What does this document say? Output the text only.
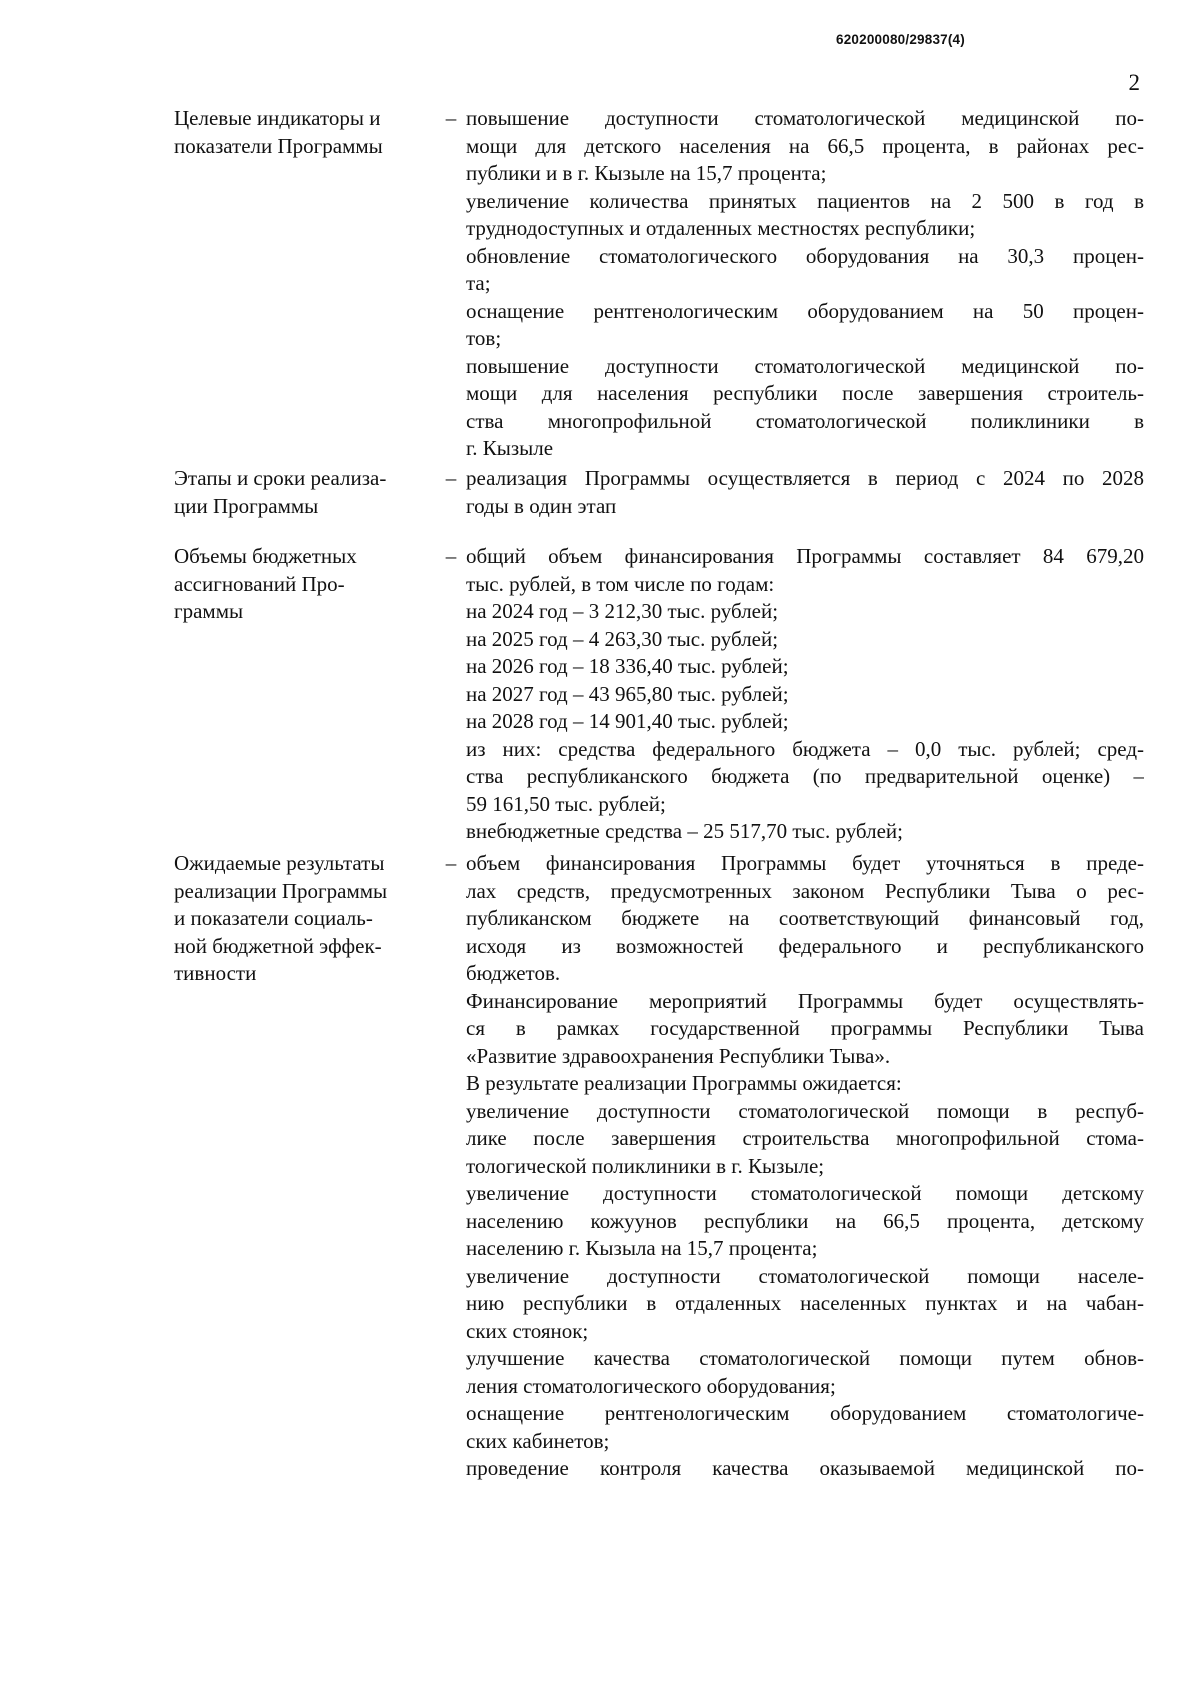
620200080/29837(4)
2
Целевые индикаторы и
показатели Программы
– повышение доступности стоматологической медицинской по-
мощи для детского населения на 66,5 процента, в районах рес-
публики и в г. Кызыле на 15,7 процента;
увеличение количества принятых пациентов на 2 500 в год в
труднодоступных и отдаленных местностях республики;
обновление стоматологического оборудования на 30,3 процен-
та;
оснащение рентгенологическим оборудованием на 50 процен-
тов;
повышение доступности стоматологической медицинской по-
мощи для населения республики после завершения строитель-
ства многопрофильной стоматологической поликлиники в
г. Кызыле
Этапы и сроки реализа-
ции Программы
– реализация Программы осуществляется в период с 2024 по 2028
годы в один этап
Объемы бюджетных
ассигнований Про-
граммы
– общий объем финансирования Программы составляет 84 679,20
тыс. рублей, в том числе по годам:
на 2024 год – 3 212,30 тыс. рублей;
на 2025 год – 4 263,30 тыс. рублей;
на 2026 год – 18 336,40 тыс. рублей;
на 2027 год – 43 965,80 тыс. рублей;
на 2028 год – 14 901,40 тыс. рублей;
из них: средства федерального бюджета – 0,0 тыс. рублей; сред-
ства республиканского бюджета (по предварительной оценке) –
59 161,50 тыс. рублей;
внебюджетные средства – 25 517,70 тыс. рублей;
Ожидаемые результаты
реализации Программы
и показатели социаль-
ной бюджетной эффек-
тивности
– объем финансирования Программы будет уточняться в преде-
лах средств, предусмотренных законом Республики Тыва о рес-
публиканском бюджете на соответствующий финансовый год,
исходя из возможностей федерального и республиканского
бюджетов.
Финансирование мероприятий Программы будет осуществлять-
ся в рамках государственной программы Республики Тыва
«Развитие здравоохранения Республики Тыва».
В результате реализации Программы ожидается:
увеличение доступности стоматологической помощи в респуб-
лике после завершения строительства многопрофильной стома-
тологической поликлиники в г. Кызыле;
увеличение доступности стоматологической помощи детскому
населению кожуунов республики на 66,5 процента, детскому
населению г. Кызыла на 15,7 процента;
увеличение доступности стоматологической помощи населе-
нию республики в отдаленных населенных пунктах и на чабан-
ских стоянок;
улучшение качества стоматологической помощи путем обнов-
ления стоматологического оборудования;
оснащение рентгенологическим оборудованием стоматологиче-
ских кабинетов;
проведение контроля качества оказываемой медицинской по-
